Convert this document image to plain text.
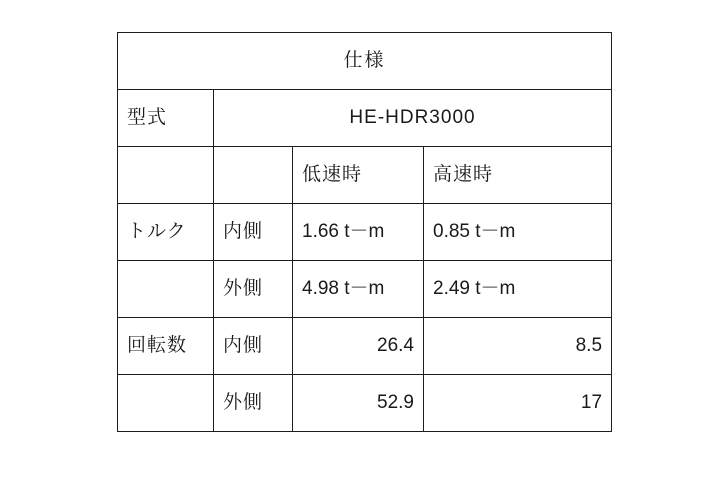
仕様			
型式	HE-HDR3000		
		低速時	高速時
トルク	内側	1.66 t－m	0.85 t－m
	外側	4.98 t－m	2.49 t－m
回転数	内側	26.4	8.5
	外側	52.9	17
